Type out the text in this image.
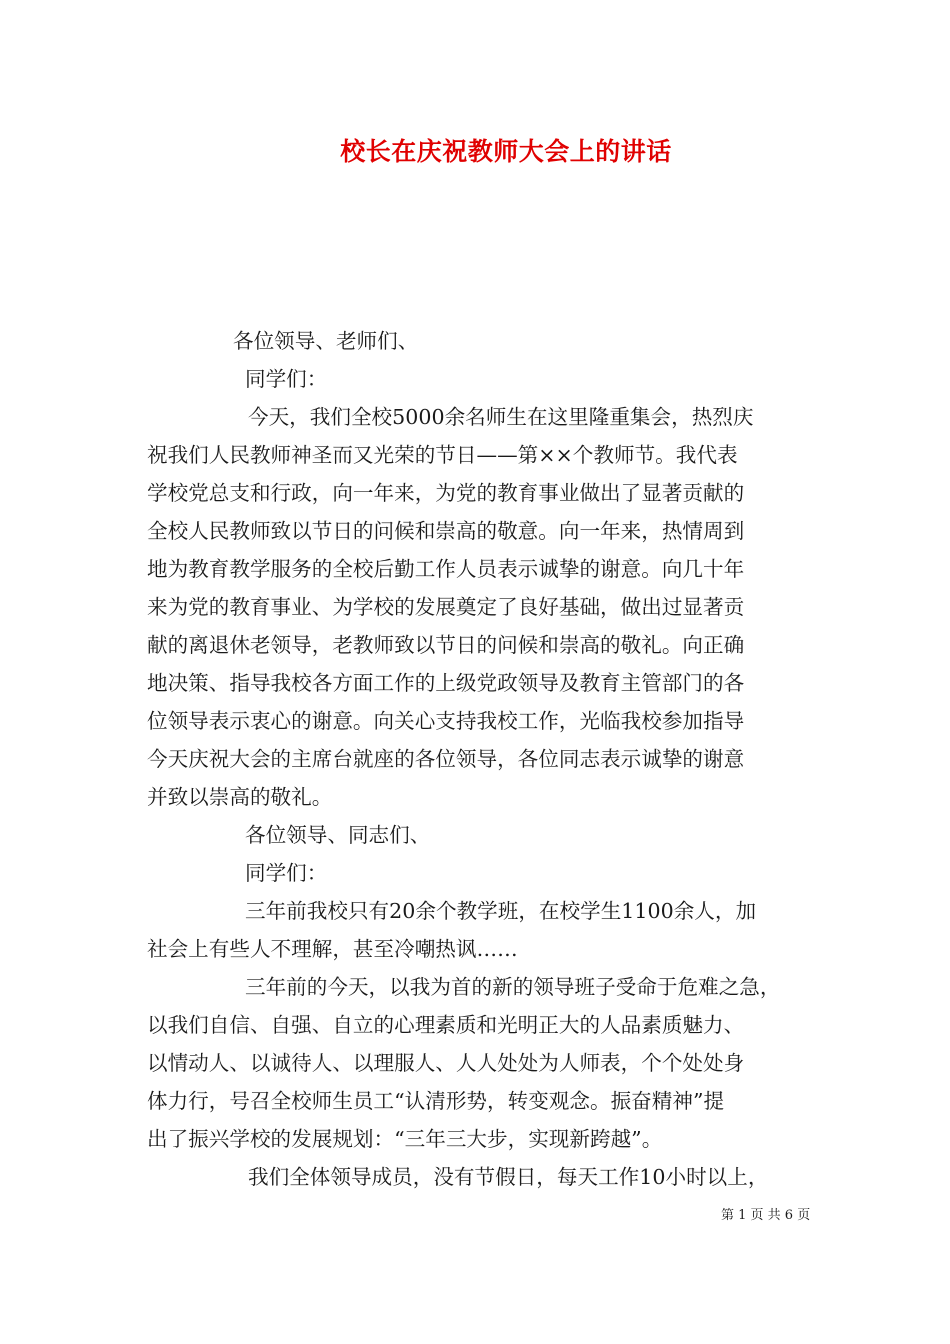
校长在庆祝教师大会上的讲话
各位领导、老师们、
同学们：
今天，我们全校5000余名师生在这里隆重集会，热烈庆
祝我们人民教师神圣而又光荣的节日——第××个教师节。我代表
学校党总支和行政，向一年来，为党的教育事业做出了显著贡献的
全校人民教师致以节日的问候和崇高的敬意。向一年来，热情周到
地为教育教学服务的全校后勤工作人员表示诚挚的谢意。向几十年
来为党的教育事业、为学校的发展奠定了良好基础，做出过显著贡
献的离退休老领导，老教师致以节日的问候和崇高的敬礼。向正确
地决策、指导我校各方面工作的上级党政领导及教育主管部门的各
位领导表示衷心的谢意。向关心支持我校工作，光临我校参加指导
今天庆祝大会的主席台就座的各位领导，各位同志表示诚挚的谢意
并致以崇高的敬礼。
各位领导、同志们、
同学们：
三年前我校只有20余个教学班，在校学生1100余人，加
社会上有些人不理解，甚至冷嘲热讽……
三年前的今天，以我为首的新的领导班子受命于危难之急，
以我们自信、自强、自立的心理素质和光明正大的人品素质魅力、
以情动人、以诚待人、以理服人、人人处处为人师表，个个处处身
体力行，号召全校师生员工“认清形势，转变观念。振奋精神”提
出了振兴学校的发展规划：“三年三大步，实现新跨越”。
我们全体领导成员，没有节假日，每天工作10小时以上，
第 1 页 共 6 页
